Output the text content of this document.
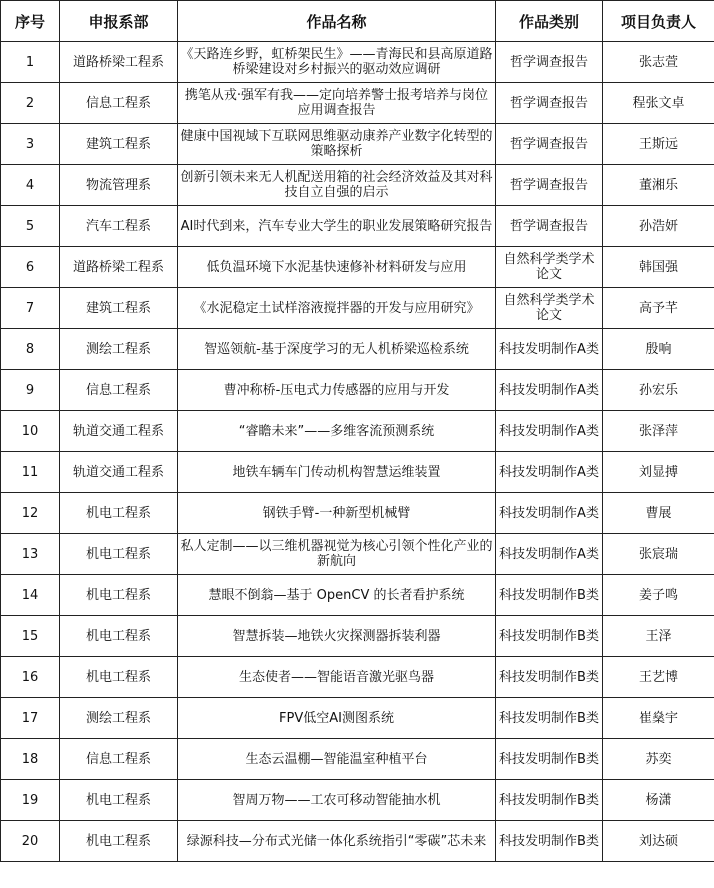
序号	申报系部	作品名称	作品类别	项目负责人
1	道路桥梁工程系	《天路连乡野，虹桥架民生》——青海民和县高原道路桥梁建设对乡村振兴的驱动效应调研	哲学调查报告	张志萱
2	信息工程系	携笔从戎·强军有我——定向培养警士报考培养与岗位应用调查报告	哲学调查报告	程张文卓
3	建筑工程系	健康中国视域下互联网思维驱动康养产业数字化转型的策略探析	哲学调查报告	王斯远
4	物流管理系	创新引领未来无人机配送用箱的社会经济效益及其对科技自立自强的启示	哲学调查报告	董湘乐
5	汽车工程系	AI时代到来，汽车专业大学生的职业发展策略研究报告	哲学调查报告	孙浩妍
6	道路桥梁工程系	低负温环境下水泥基快速修补材料研发与应用	自然科学类学术论文	韩国强
7	建筑工程系	《水泥稳定土试样溶液搅拌器的开发与应用研究》	自然科学类学术论文	高予芊
8	测绘工程系	智巡领航-基于深度学习的无人机桥梁巡检系统	科技发明制作A类	殷响
9	信息工程系	曹冲称桥-压电式力传感器的应用与开发	科技发明制作A类	孙宏乐
10	轨道交通工程系	“睿瞻未来”——多维客流预测系统	科技发明制作A类	张泽萍
11	轨道交通工程系	地铁车辆车门传动机构智慧运维装置	科技发明制作A类	刘显搏
12	机电工程系	钢铁手臂-一种新型机械臂	科技发明制作A类	曹展
13	机电工程系	私人定制——以三维机器视觉为核心引领个性化产业的新航向	科技发明制作A类	张宸瑞
14	机电工程系	慧眼不倒翁—基于 OpenCV 的长者看护系统	科技发明制作B类	姜子鸣
15	机电工程系	智慧拆装—地铁火灾探测器拆装利器	科技发明制作B类	王泽
16	机电工程系	生态使者——智能语音激光驱鸟器	科技发明制作B类	王艺博
17	测绘工程系	FPV低空AI测图系统	科技发明制作B类	崔燊宇
18	信息工程系	生态云温棚—智能温室种植平台	科技发明制作B类	苏奕
19	机电工程系	智周万物——工农可移动智能抽水机	科技发明制作B类	杨潇
20	机电工程系	绿源科技—分布式光储一体化系统指引“零碳”芯未来	科技发明制作B类	刘达硕
